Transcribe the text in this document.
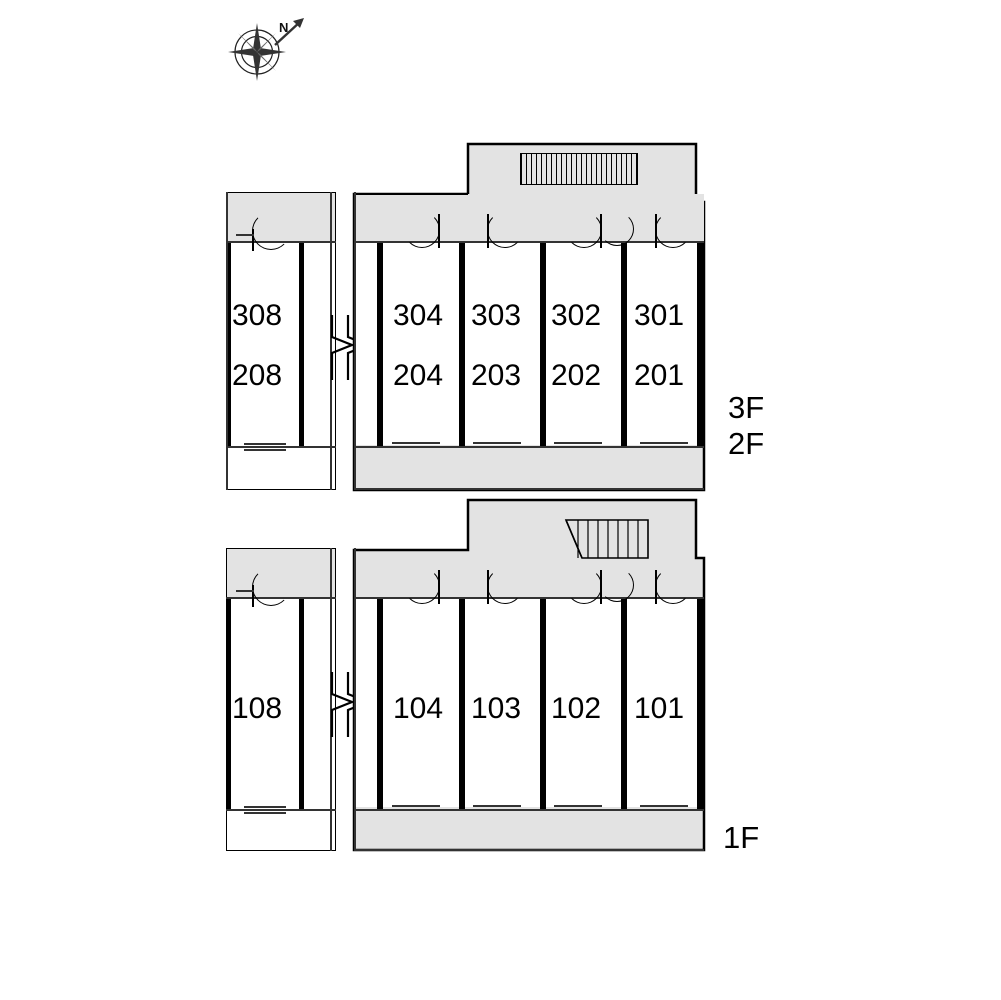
N
308
208
304 303 302 301
204 203 202 201
108	104 103 102 101
3F
2F
1F
